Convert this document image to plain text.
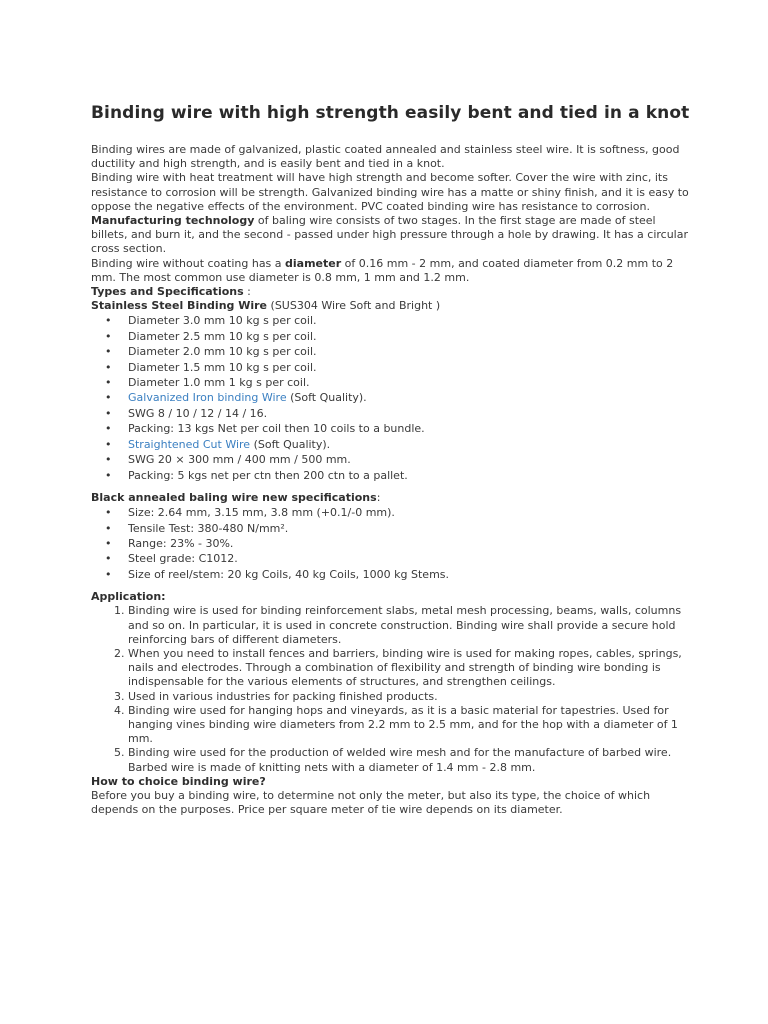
Binding wire with high strength easily bent and tied in a knot

Binding wires are made of galvanized, plastic coated annealed and stainless steel wire. It is softness, good ductility and high strength, and is easily bent and tied in a knot.

Binding wire with heat treatment will have high strength and become softer. Cover the wire with zinc, its resistance to corrosion will be strength. Galvanized binding wire has a matte or shiny finish, and it is easy to oppose the negative effects of the environment. PVC coated binding wire has resistance to corrosion.

Manufacturing technology of baling wire consists of two stages. In the first stage are made of steel billets, and burn it, and the second - passed under high pressure through a hole by drawing. It has a circular cross section.

Binding wire without coating has a diameter of 0.16 mm - 2 mm, and coated diameter from 0.2 mm to 2 mm. The most common use diameter is 0.8 mm, 1 mm and 1.2 mm.

Types and Specifications :

Stainless Steel Binding Wire (SUS304 Wire Soft and Bright )

• Diameter 3.0 mm 10 kg s per coil.
• Diameter 2.5 mm 10 kg s per coil.
• Diameter 2.0 mm 10 kg s per coil.
• Diameter 1.5 mm 10 kg s per coil.
• Diameter 1.0 mm 1 kg s per coil.
• Galvanized Iron binding Wire (Soft Quality).
• SWG 8 / 10 / 12 / 14 / 16.
• Packing: 13 kgs Net per coil then 10 coils to a bundle.
• Straightened Cut Wire (Soft Quality).
• SWG 20 × 300 mm / 400 mm / 500 mm.
• Packing: 5 kgs net per ctn then 200 ctn to a pallet.

Black annealed baling wire new specifications:

• Size: 2.64 mm, 3.15 mm, 3.8 mm (+0.1/-0 mm).
• Tensile Test: 380-480 N/mm².
• Range: 23% - 30%.
• Steel grade: C1012.
• Size of reel/stem: 20 kg Coils, 40 kg Coils, 1000 kg Stems.

Application:

1. Binding wire is used for binding reinforcement slabs, metal mesh processing, beams, walls, columns and so on. In particular, it is used in concrete construction. Binding wire shall provide a secure hold reinforcing bars of different diameters.
2. When you need to install fences and barriers, binding wire is used for making ropes, cables, springs, nails and electrodes. Through a combination of flexibility and strength of binding wire bonding is indispensable for the various elements of structures, and strengthen ceilings.
3. Used in various industries for packing finished products.
4. Binding wire used for hanging hops and vineyards, as it is a basic material for tapestries. Used for hanging vines binding wire diameters from 2.2 mm to 2.5 mm, and for the hop with a diameter of 1 mm.
5. Binding wire used for the production of welded wire mesh and for the manufacture of barbed wire. Barbed wire is made of knitting nets with a diameter of 1.4 mm - 2.8 mm.

How to choice binding wire?

Before you buy a binding wire, to determine not only the meter, but also its type, the choice of which depends on the purposes. Price per square meter of tie wire depends on its diameter.
